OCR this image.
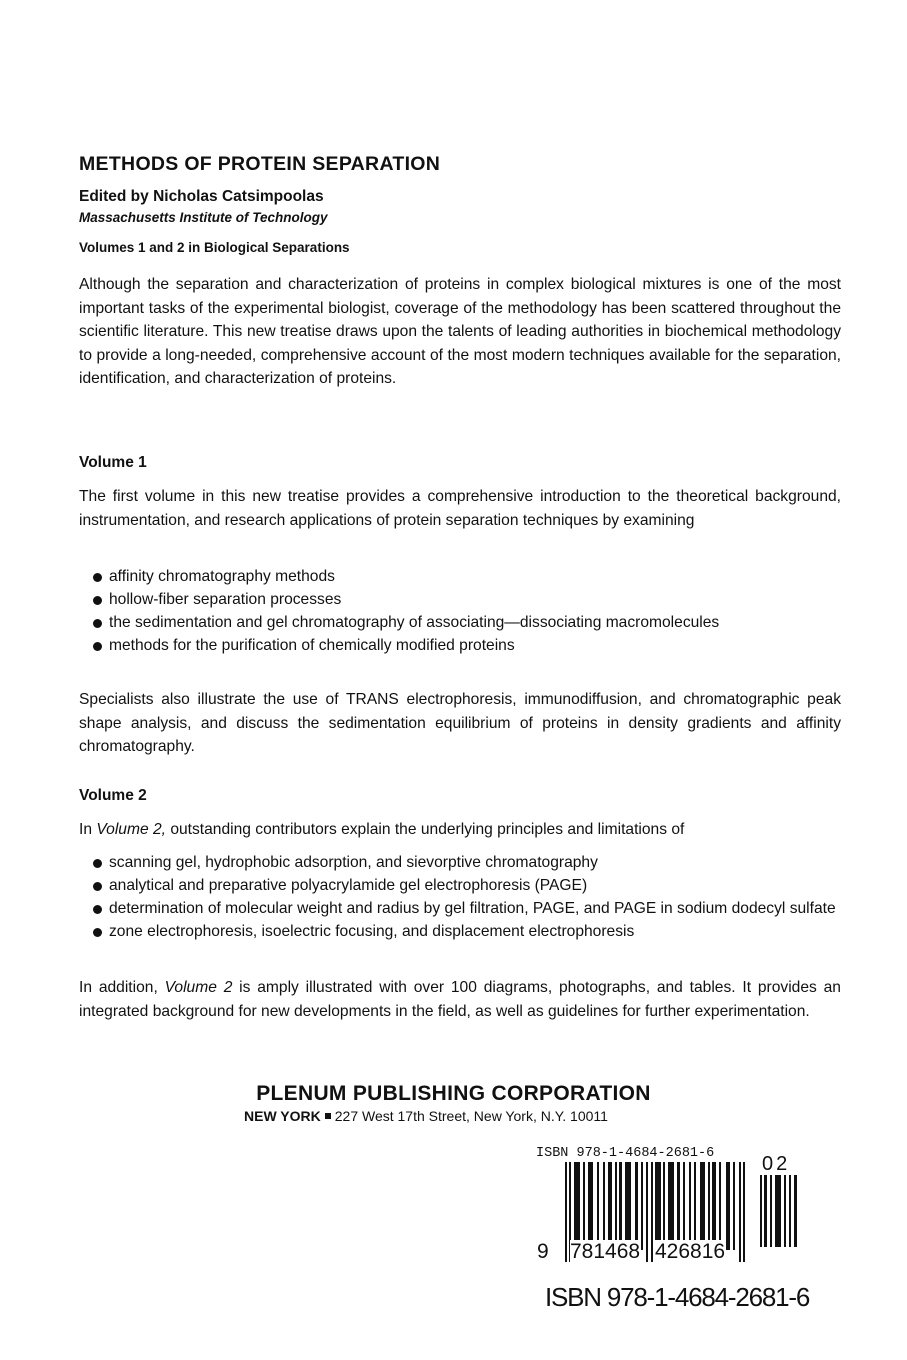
METHODS OF PROTEIN SEPARATION
Edited by Nicholas Catsimpoolas
Massachusetts Institute of Technology
Volumes 1 and 2 in Biological Separations
Although the separation and characterization of proteins in complex biological mixtures is one of the most important tasks of the experimental biologist, coverage of the methodology has been scattered throughout the scientific literature. This new treatise draws upon the talents of leading authorities in biochemical methodology to provide a long-needed, comprehensive account of the most modern techniques available for the separation, identification, and characterization of proteins.
Volume 1
The first volume in this new treatise provides a comprehensive introduction to the theoretical background, instrumentation, and research applications of protein separation techniques by examining
affinity chromatography methods
hollow-fiber separation processes
the sedimentation and gel chromatography of associating—dissociating macromolecules
methods for the purification of chemically modified proteins
Specialists also illustrate the use of TRANS electrophoresis, immunodiffusion, and chromatographic peak shape analysis, and discuss the sedimentation equilibrium of proteins in density gradients and affinity chromatography.
Volume 2
In Volume 2, outstanding contributors explain the underlying principles and limitations of
scanning gel, hydrophobic adsorption, and sievorptive chromatography
analytical and preparative polyacrylamide gel electrophoresis (PAGE)
determination of molecular weight and radius by gel filtration, PAGE, and PAGE in sodium dodecyl sulfate
zone electrophoresis, isoelectric focusing, and displacement electrophoresis
In addition, Volume 2 is amply illustrated with over 100 diagrams, photographs, and tables. It provides an integrated background for new developments in the field, as well as guidelines for further experimentation.
PLENUM PUBLISHING CORPORATION
NEW YORK 227 West 17th Street, New York, N.Y. 10011
ISBN 978-1-4684-2681-6 02
9 781468 426816
ISBN 978-1-4684-2681-6
